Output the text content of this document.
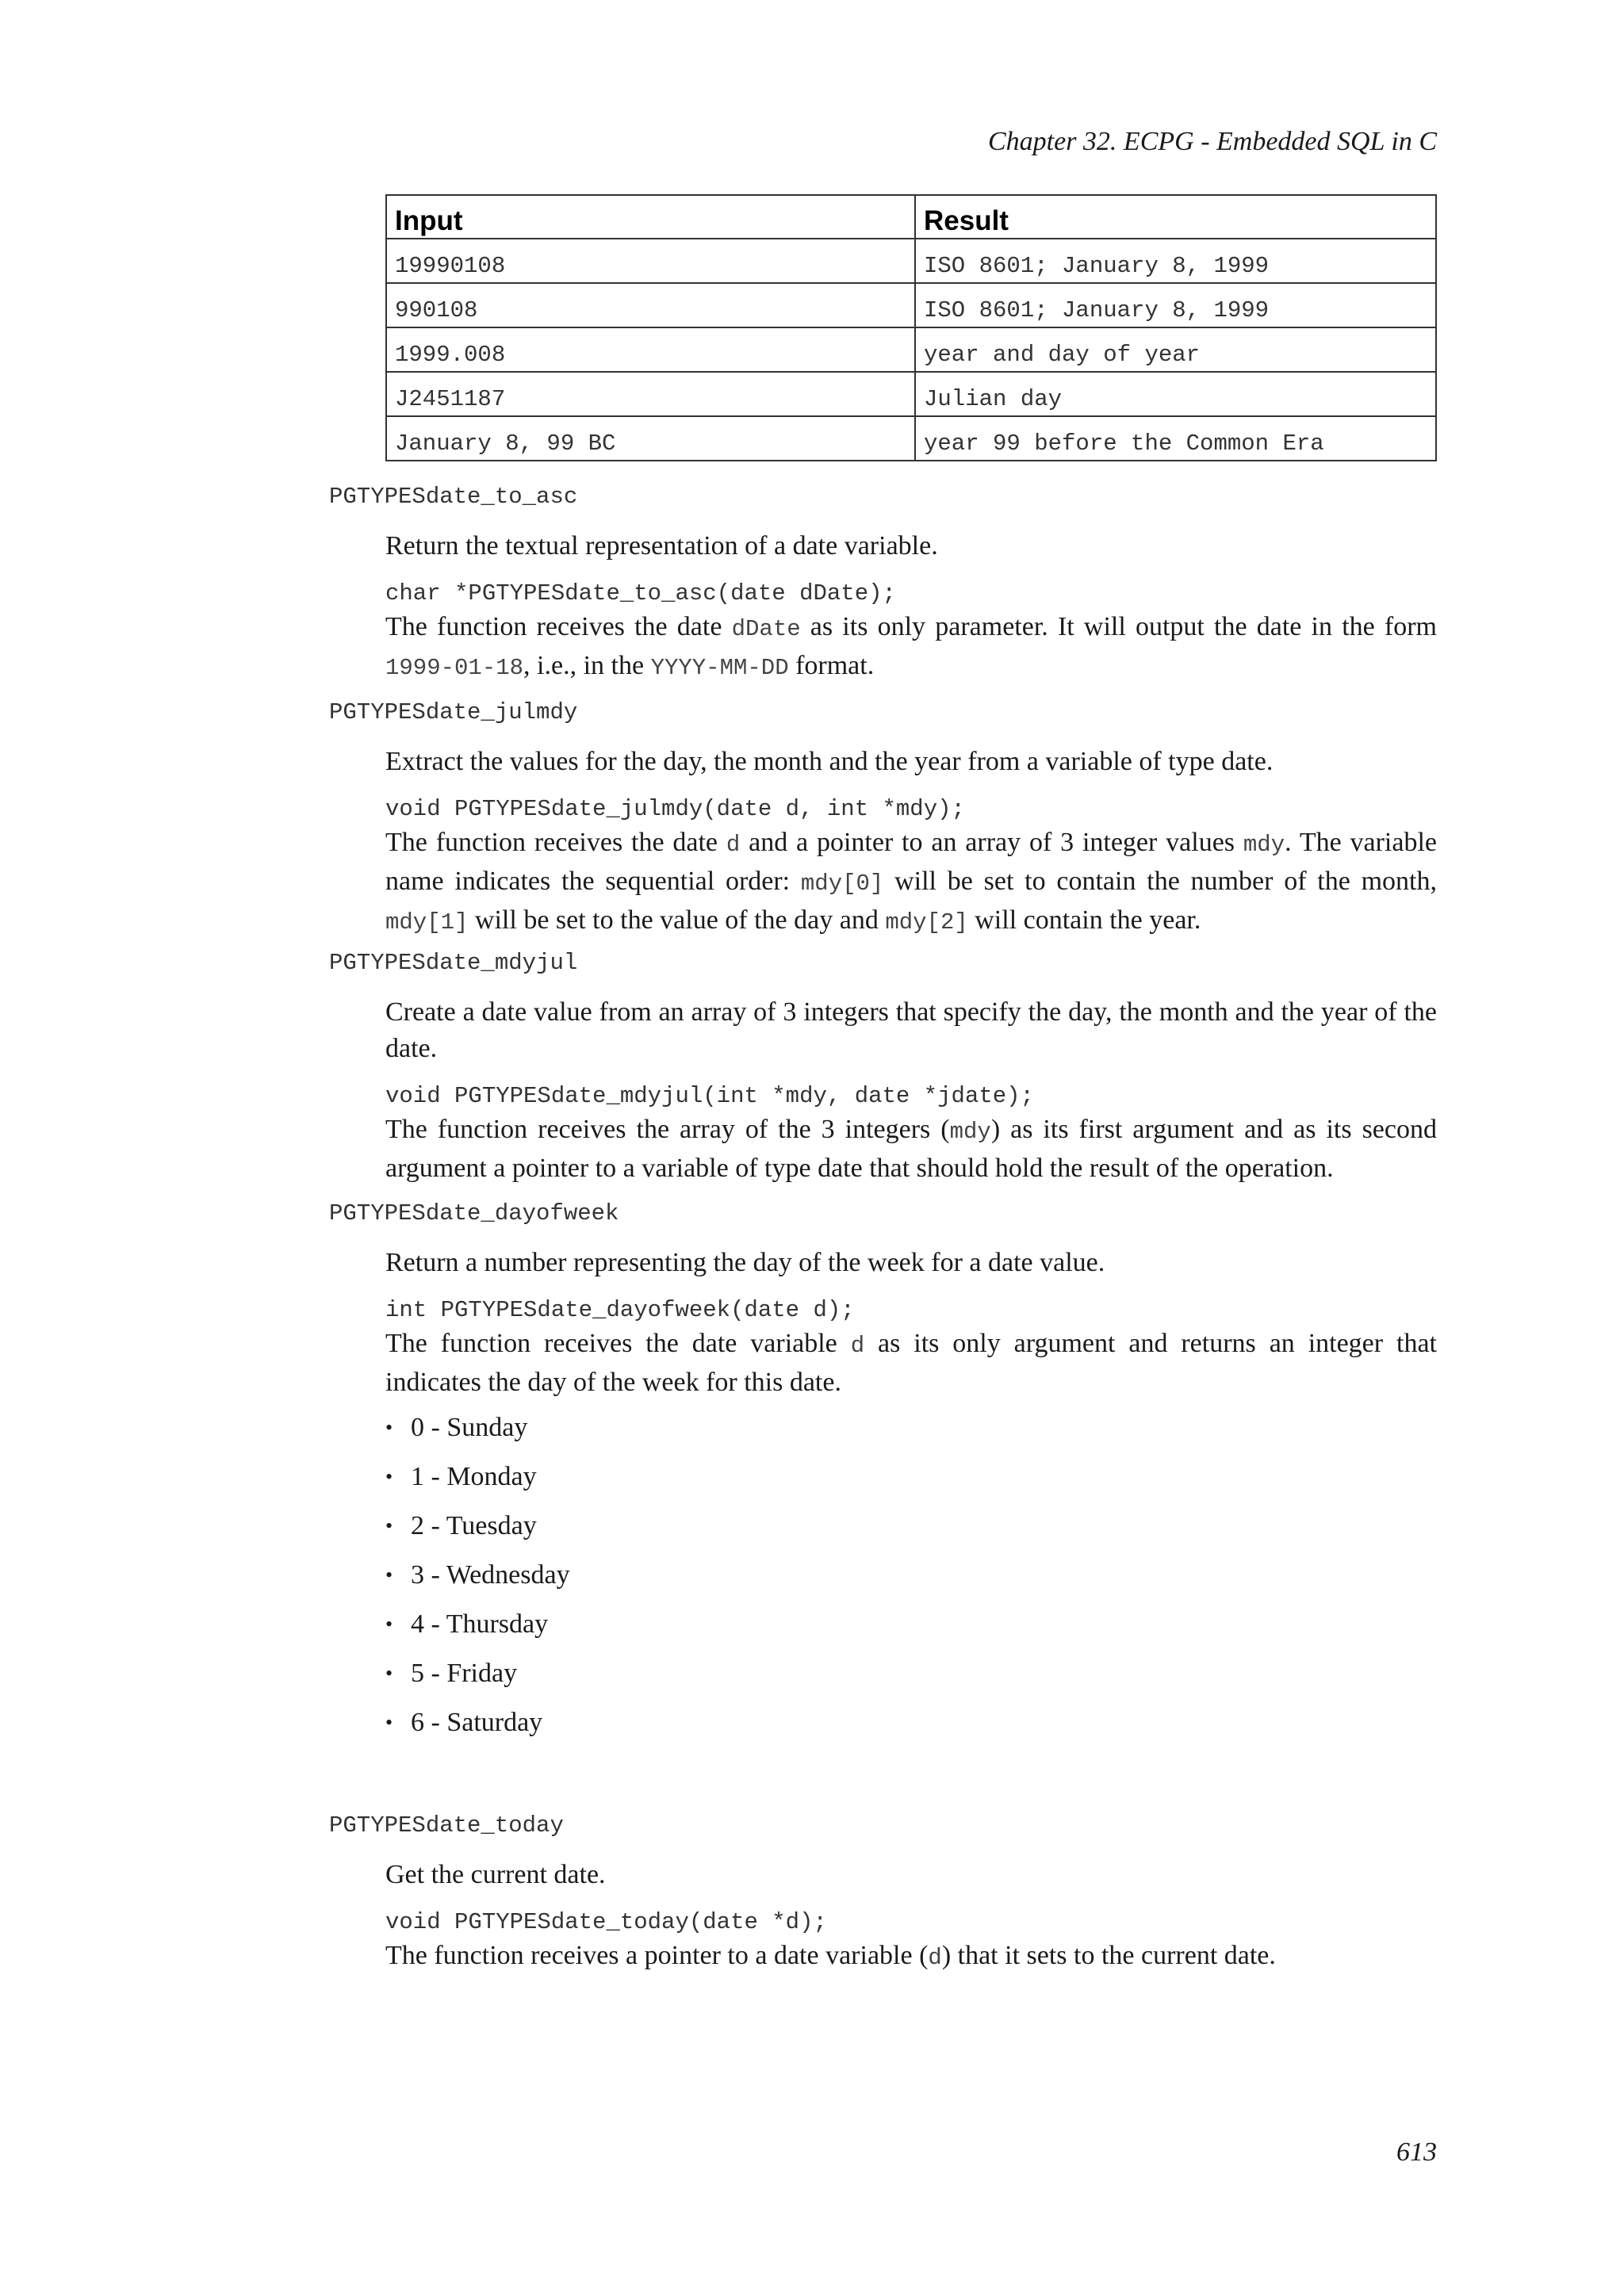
Chapter 32. ECPG - Embedded SQL in C
Input	Result
19990108	ISO 8601; January 8, 1999
990108	ISO 8601; January 8, 1999
1999.008	year and day of year
J2451187	Julian day
January 8, 99 BC	year 99 before the Common Era
PGTYPESdate_to_asc

Return the textual representation of a date variable.

char *PGTYPESdate_to_asc(date dDate);

The function receives the date dDate as its only parameter. It will output the date in the form 1999-01-18, i.e., in the YYYY-MM-DD format.

PGTYPESdate_julmdy

Extract the values for the day, the month and the year from a variable of type date.

void PGTYPESdate_julmdy(date d, int *mdy);

The function receives the date d and a pointer to an array of 3 integer values mdy. The variable name indicates the sequential order: mdy[0] will be set to contain the number of the month, mdy[1] will be set to the value of the day and mdy[2] will contain the year.

PGTYPESdate_mdyjul

Create a date value from an array of 3 integers that specify the day, the month and the year of the date.

void PGTYPESdate_mdyjul(int *mdy, date *jdate);

The function receives the array of the 3 integers (mdy) as its first argument and as its second argument a pointer to a variable of type date that should hold the result of the operation.

PGTYPESdate_dayofweek

Return a number representing the day of the week for a date value.

int PGTYPESdate_dayofweek(date d);

The function receives the date variable d as its only argument and returns an integer that indicates the day of the week for this date.

• 0 - Sunday
• 1 - Monday
• 2 - Tuesday
• 3 - Wednesday
• 4 - Thursday
• 5 - Friday
• 6 - Saturday
PGTYPESdate_today

Get the current date.

void PGTYPESdate_today(date *d);

The function receives a pointer to a date variable (d) that it sets to the current date.

613
